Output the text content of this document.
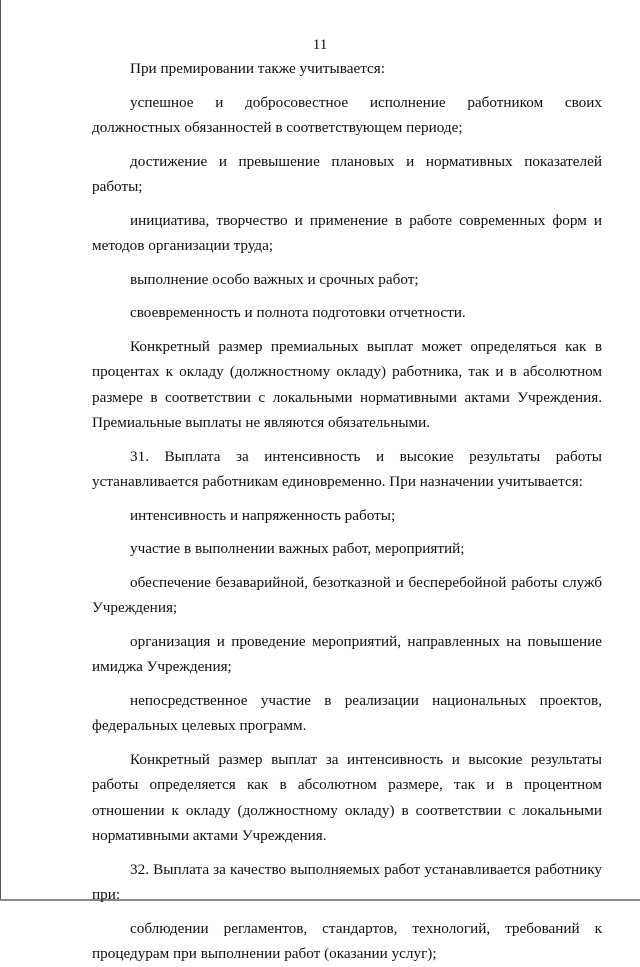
11

При премировании также учитывается:

успешное и добросовестное исполнение работником своих должностных обязанностей в соответствующем периоде;

достижение и превышение плановых и нормативных показателей работы;

инициатива, творчество и применение в работе современных форм и методов организации труда;

выполнение особо важных и срочных работ;

своевременность и полнота подготовки отчетности.

Конкретный размер премиальных выплат может определяться как в процентах к окладу (должностному окладу) работника, так и в абсолютном размере в соответствии с локальными нормативными актами Учреждения. Премиальные выплаты не являются обязательными.

31. Выплата за интенсивность и высокие результаты работы устанавливается работникам единовременно. При назначении учитывается:

интенсивность и напряженность работы;

участие в выполнении важных работ, мероприятий;

обеспечение безаварийной, безотказной и бесперебойной работы служб Учреждения;

организация и проведение мероприятий, направленных на повышение имиджа Учреждения;

непосредственное участие в реализации национальных проектов, федеральных целевых программ.

Конкретный размер выплат за интенсивность и высокие результаты работы определяется как в абсолютном размере, так и в процентном отношении к окладу (должностному окладу) в соответствии с локальными нормативными актами Учреждения.

32. Выплата за качество выполняемых работ устанавливается работнику при:

соблюдении регламентов, стандартов, технологий, требований к процедурам при выполнении работ (оказании услуг);
